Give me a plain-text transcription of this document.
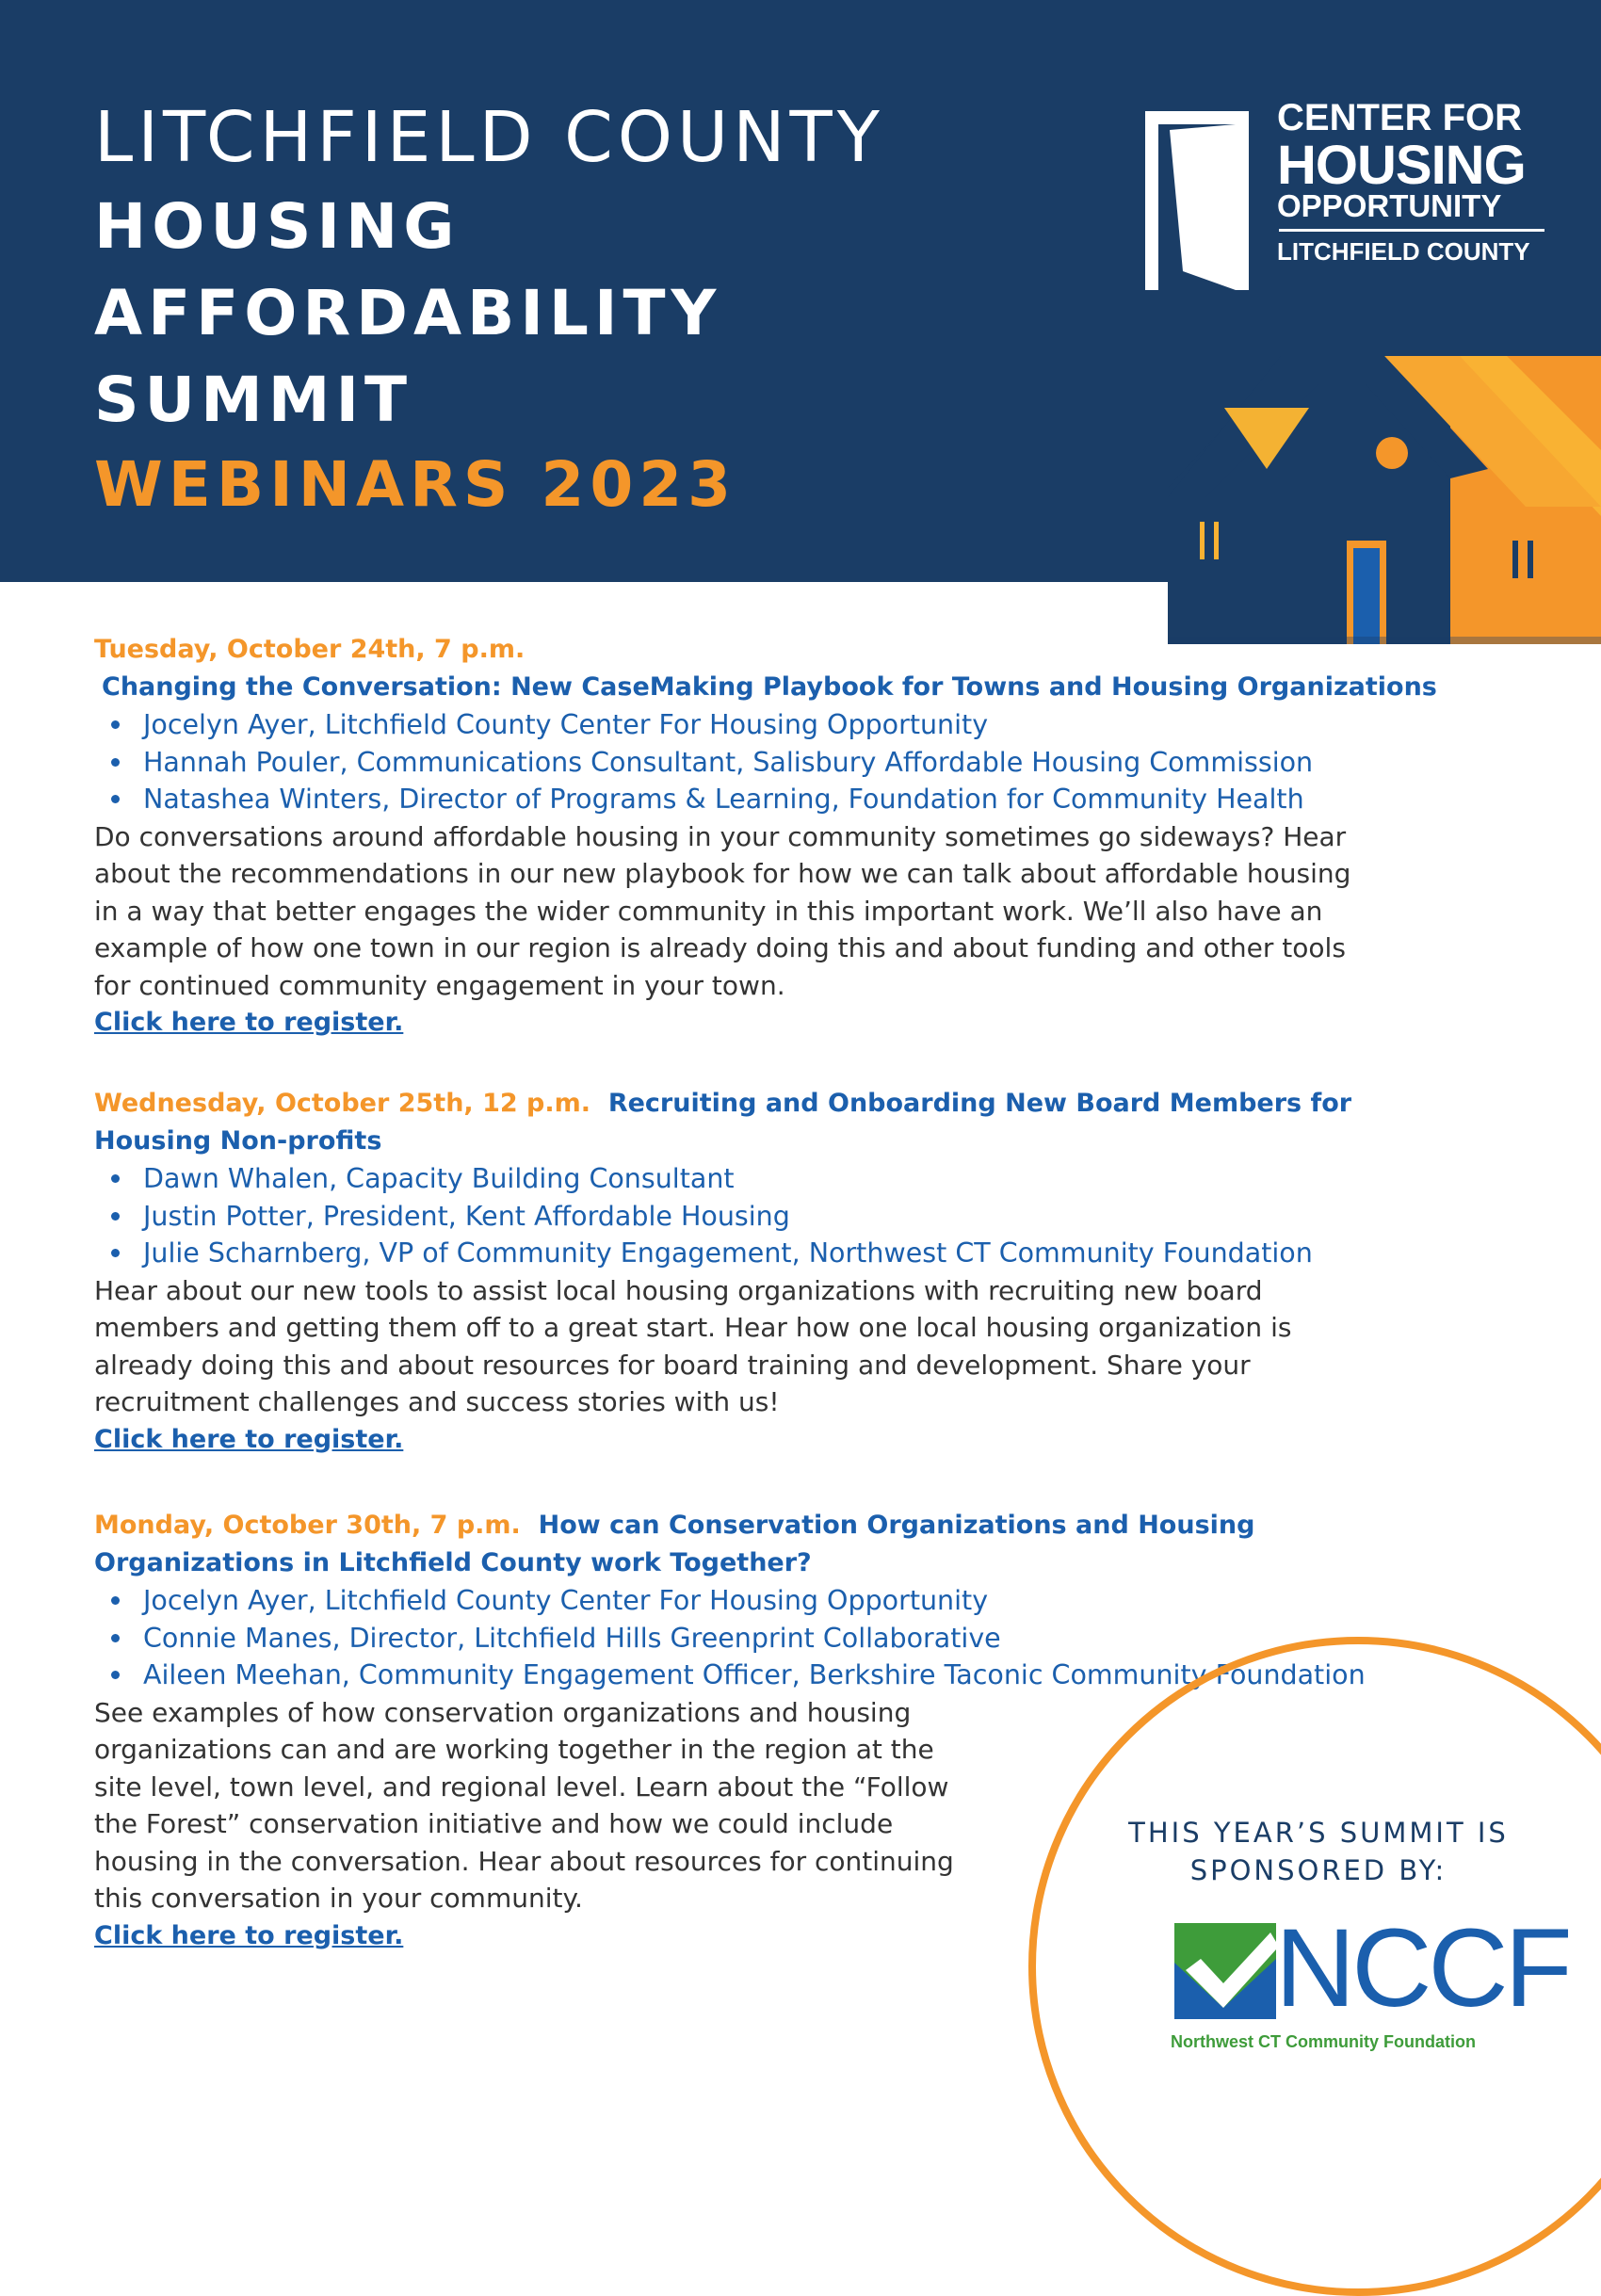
LITCHFIELD COUNTY
HOUSING
AFFORDABILITY
SUMMIT
WEBINARS 2023

CENTER FOR

HOUSING

OPPORTUNITY

LITCHFIELD COUNTY

Tuesday, October 24th, 7 p.m.

Changing the Conversation: New CaseMaking Playbook for Towns and Housing Organizations

Jocelyn Ayer, Litchfield County Center For Housing Opportunity
Hannah Pouler, Communications Consultant, Salisbury Affordable Housing Commission
Natashea Winters, Director of Programs & Learning, Foundation for Community Health

Do conversations around affordable housing in your community sometimes go sideways? Hear
about the recommendations in our new playbook for how we can talk about affordable housing
in a way that better engages the wider community in this important work. We’ll also have an
example of how one town in our region is already doing this and about funding and other tools
for continued community engagement in your town.

Click here to register.

Wednesday, October 25th, 12 p.m. Recruiting and Onboarding New Board Members for
Housing Non-profits

Dawn Whalen, Capacity Building Consultant
Justin Potter, President, Kent Affordable Housing
Julie Scharnberg, VP of Community Engagement, Northwest CT Community Foundation

Hear about our new tools to assist local housing organizations with recruiting new board
members and getting them off to a great start. Hear how one local housing organization is
already doing this and about resources for board training and development. Share your
recruitment challenges and success stories with us!

Click here to register.

Monday, October 30th, 7 p.m. How can Conservation Organizations and Housing
Organizations in Litchfield County work Together?

Jocelyn Ayer, Litchfield County Center For Housing Opportunity
Connie Manes, Director, Litchfield Hills Greenprint Collaborative
Aileen Meehan, Community Engagement Officer, Berkshire Taconic Community Foundation

See examples of how conservation organizations and housing
organizations can and are working together in the region at the
site level, town level, and regional level. Learn about the “Follow
the Forest” conservation initiative and how we could include
housing in the conversation. Hear about resources for continuing
this conversation in your community.

Click here to register.

THIS YEAR’S SUMMIT IS
SPONSORED BY:

NCCF

Northwest CT Community Foundation
